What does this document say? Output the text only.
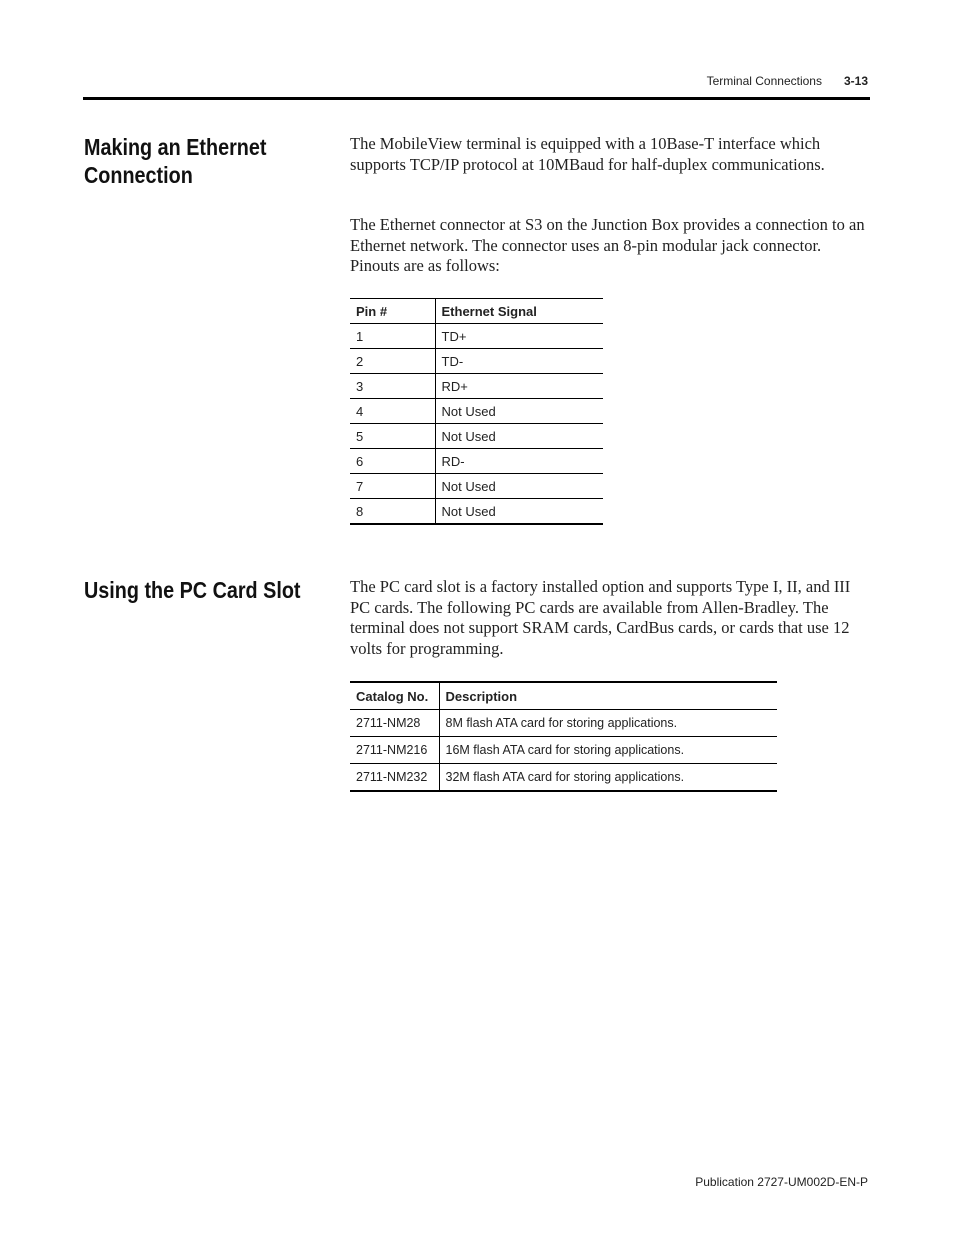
Terminal Connections 3-13
Making an Ethernet Connection

The MobileView terminal is equipped with a 10Base-T interface which supports TCP/IP protocol at 10MBaud for half-duplex communications.

The Ethernet connector at S3 on the Junction Box provides a connection to an Ethernet network. The connector uses an 8-pin modular jack connector. Pinouts are as follows:

Pin #	Ethernet Signal
1	TD+
2	TD-
3	RD+
4	Not Used
5	Not Used
6	RD-
7	Not Used
8	Not Used
Using the PC Card Slot	The PC card slot is a factory installed option and supports Type I, II, and III PC cards. The following PC cards are available from Allen-Bradley. The terminal does not support SRAM cards, CardBus cards, or cards that use 12 volts for programming.

Catalog No.	Description
2711-NM28	8M flash ATA card for storing applications.
2711-NM216	16M flash ATA card for storing applications.
2711-NM232	32M flash ATA card for storing applications.
Publication 2727-UM002D-EN-P
